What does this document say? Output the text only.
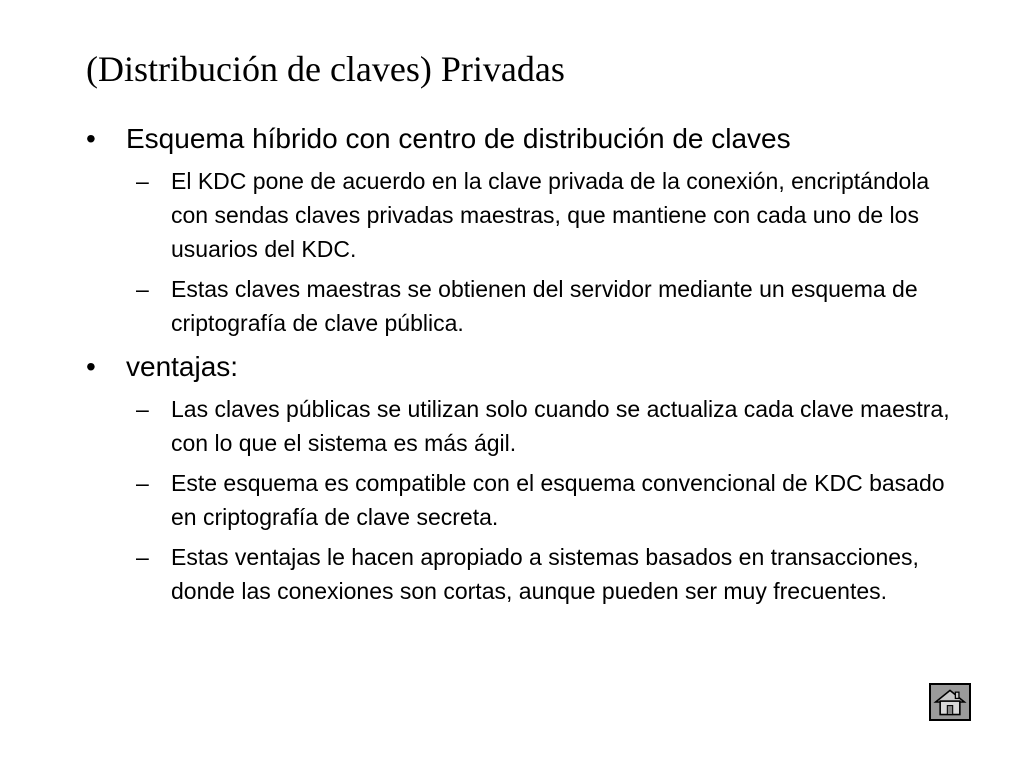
(Distribución de claves) Privadas
•	Esquema híbrido con centro de distribución de claves
– El KDC pone de acuerdo en la clave privada de la conexión, encriptándola con sendas claves privadas maestras, que mantiene con cada uno de los usuarios del KDC.
– Estas claves maestras se obtienen del servidor mediante un esquema de criptografía de clave pública.
•	ventajas:
– Las claves públicas se utilizan solo cuando se actualiza cada clave maestra, con lo que el sistema es más ágil.
– Este esquema es compatible con el esquema convencional de KDC basado en criptografía de clave secreta.
– Estas ventajas le hacen apropiado a sistemas basados en transacciones, donde las conexiones son cortas, aunque pueden ser muy frecuentes.
